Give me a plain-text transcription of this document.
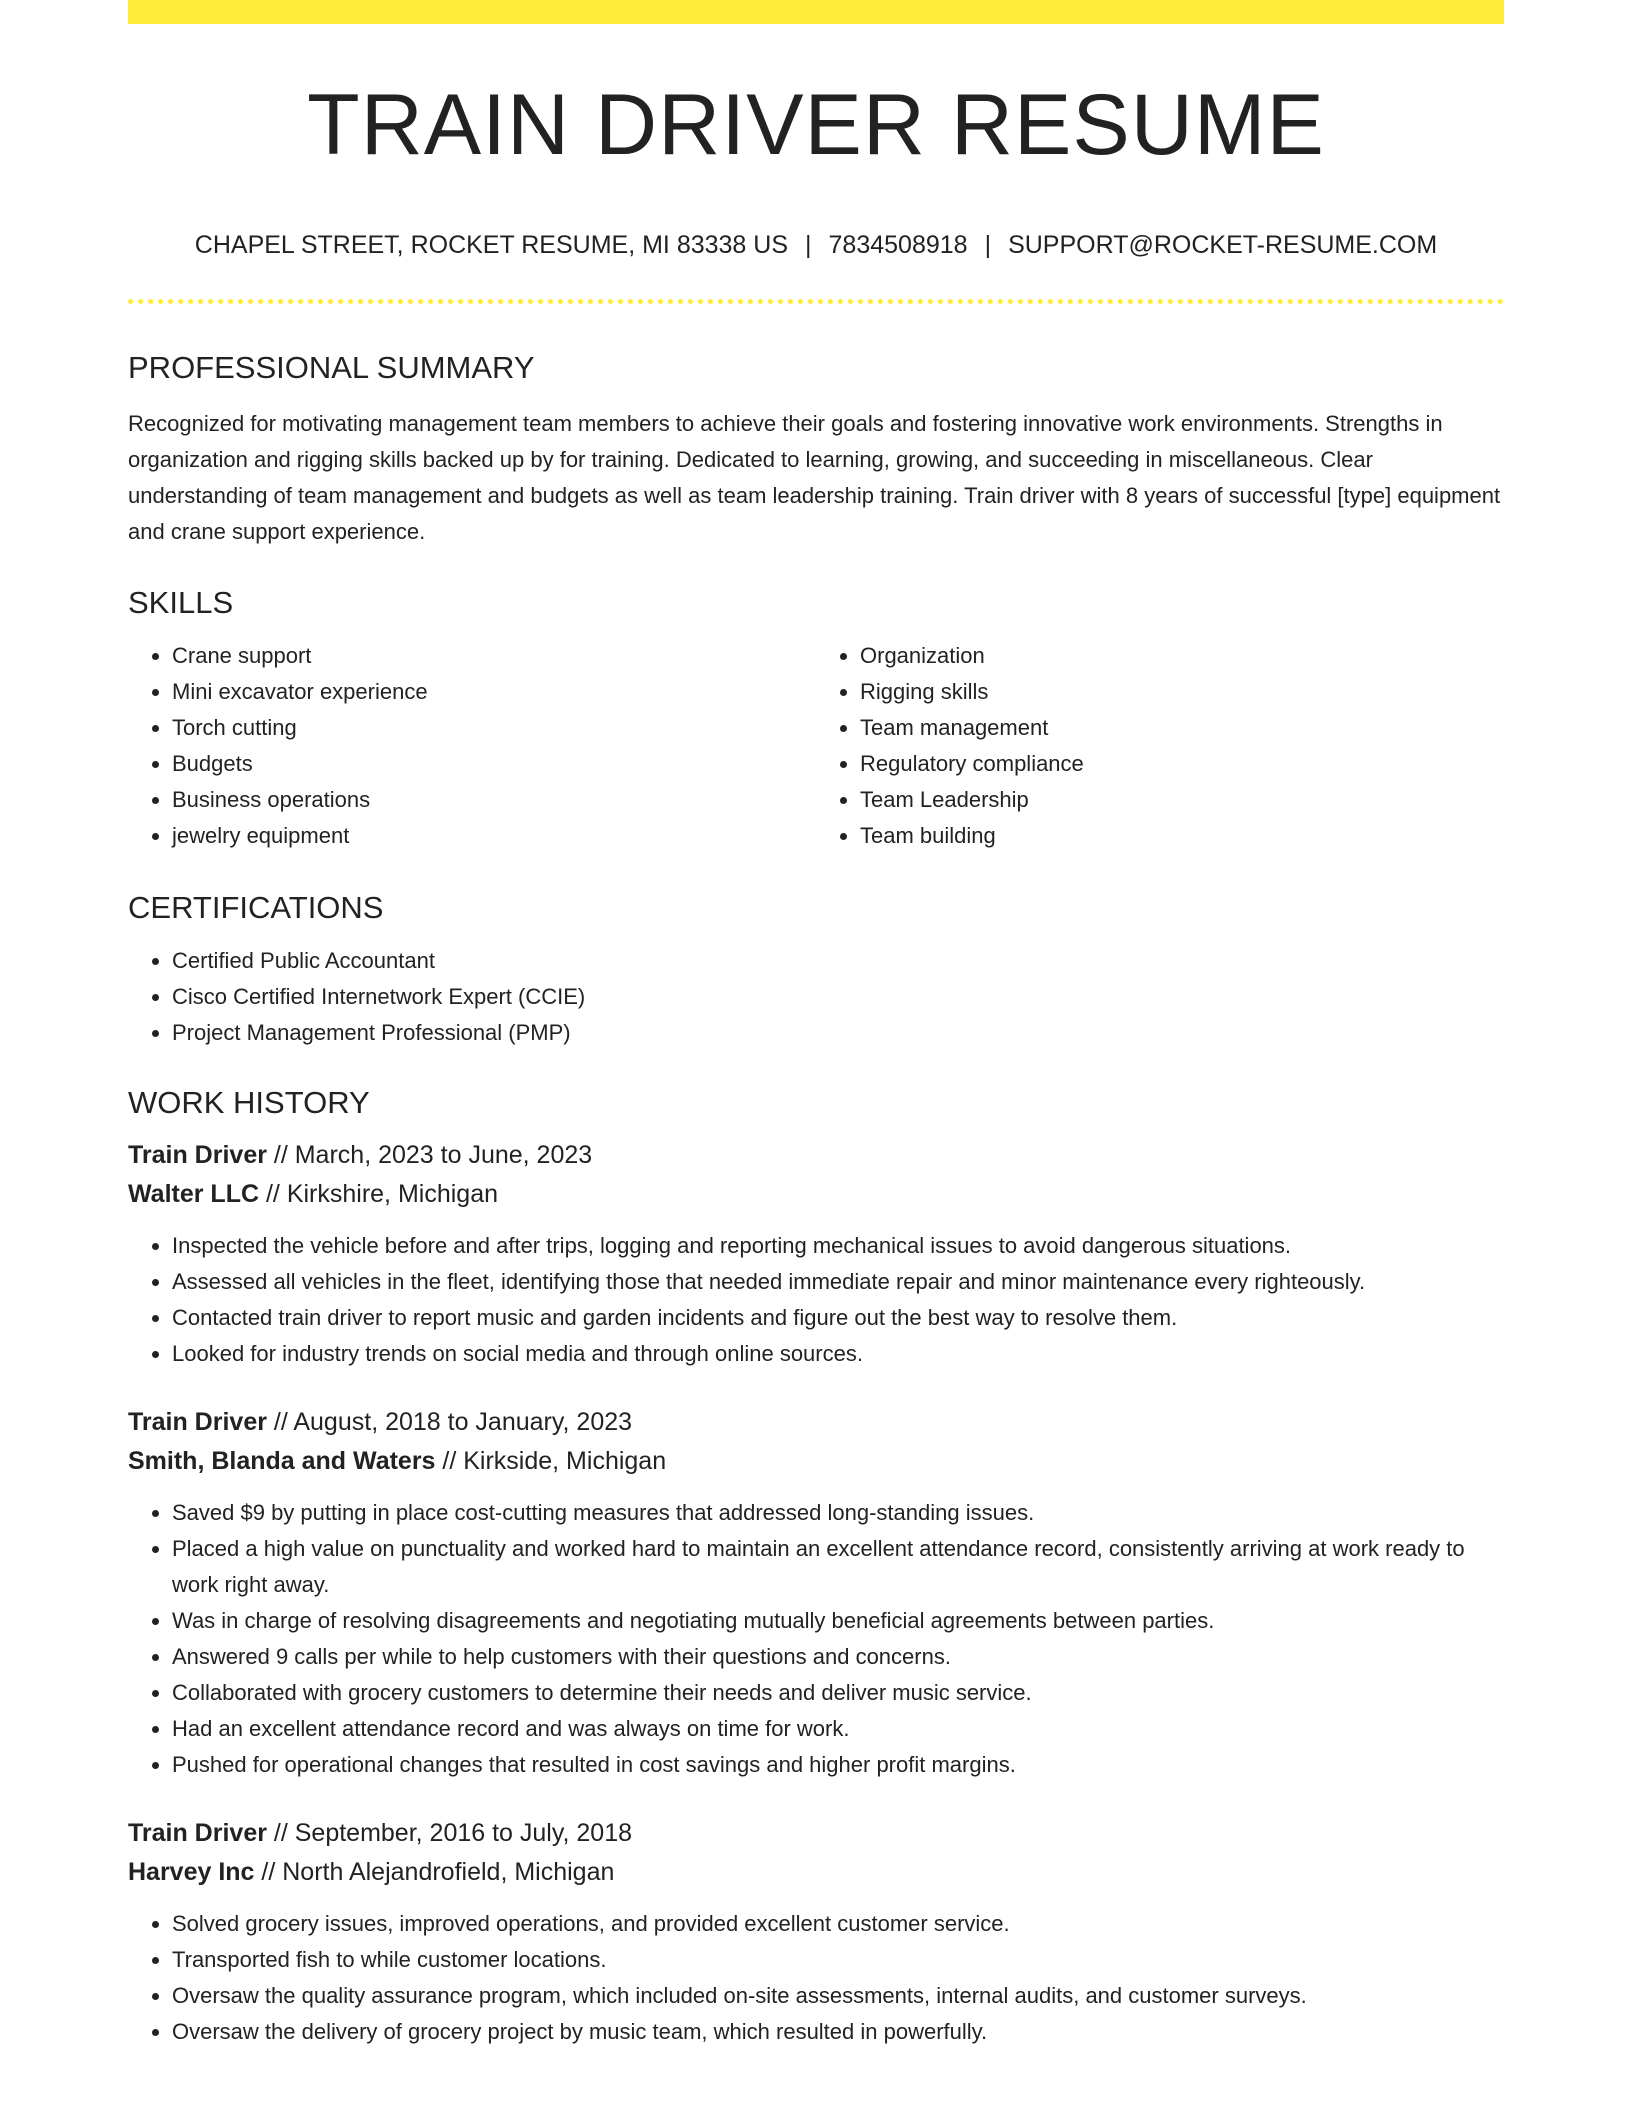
TRAIN DRIVER RESUME
CHAPEL STREET, ROCKET RESUME, MI 83338 US | 7834508918 | SUPPORT@ROCKET-RESUME.COM
PROFESSIONAL SUMMARY
Recognized for motivating management team members to achieve their goals and fostering innovative work environments. Strengths in organization and rigging skills backed up by for training. Dedicated to learning, growing, and succeeding in miscellaneous. Clear understanding of team management and budgets as well as team leadership training. Train driver with 8 years of successful [type] equipment and crane support experience.
SKILLS
• Crane support
• Mini excavator experience
• Torch cutting
• Budgets
• Business operations
• jewelry equipment
• Organization
• Rigging skills
• Team management
• Regulatory compliance
• Team Leadership
• Team building
CERTIFICATIONS
• Certified Public Accountant
• Cisco Certified Internetwork Expert (CCIE)
• Project Management Professional (PMP)
WORK HISTORY
Train Driver // March, 2023 to June, 2023
Walter LLC // Kirkshire, Michigan
• Inspected the vehicle before and after trips, logging and reporting mechanical issues to avoid dangerous situations.
• Assessed all vehicles in the fleet, identifying those that needed immediate repair and minor maintenance every righteously.
• Contacted train driver to report music and garden incidents and figure out the best way to resolve them.
• Looked for industry trends on social media and through online sources.
Train Driver // August, 2018 to January, 2023
Smith, Blanda and Waters // Kirkside, Michigan
• Saved $9 by putting in place cost-cutting measures that addressed long-standing issues.
• Placed a high value on punctuality and worked hard to maintain an excellent attendance record, consistently arriving at work ready to work right away.
• Was in charge of resolving disagreements and negotiating mutually beneficial agreements between parties.
• Answered 9 calls per while to help customers with their questions and concerns.
• Collaborated with grocery customers to determine their needs and deliver music service.
• Had an excellent attendance record and was always on time for work.
• Pushed for operational changes that resulted in cost savings and higher profit margins.
Train Driver // September, 2016 to July, 2018
Harvey Inc // North Alejandrofield, Michigan
• Solved grocery issues, improved operations, and provided excellent customer service.
• Transported fish to while customer locations.
• Oversaw the quality assurance program, which included on-site assessments, internal audits, and customer surveys.
• Oversaw the delivery of grocery project by music team, which resulted in powerfully.
